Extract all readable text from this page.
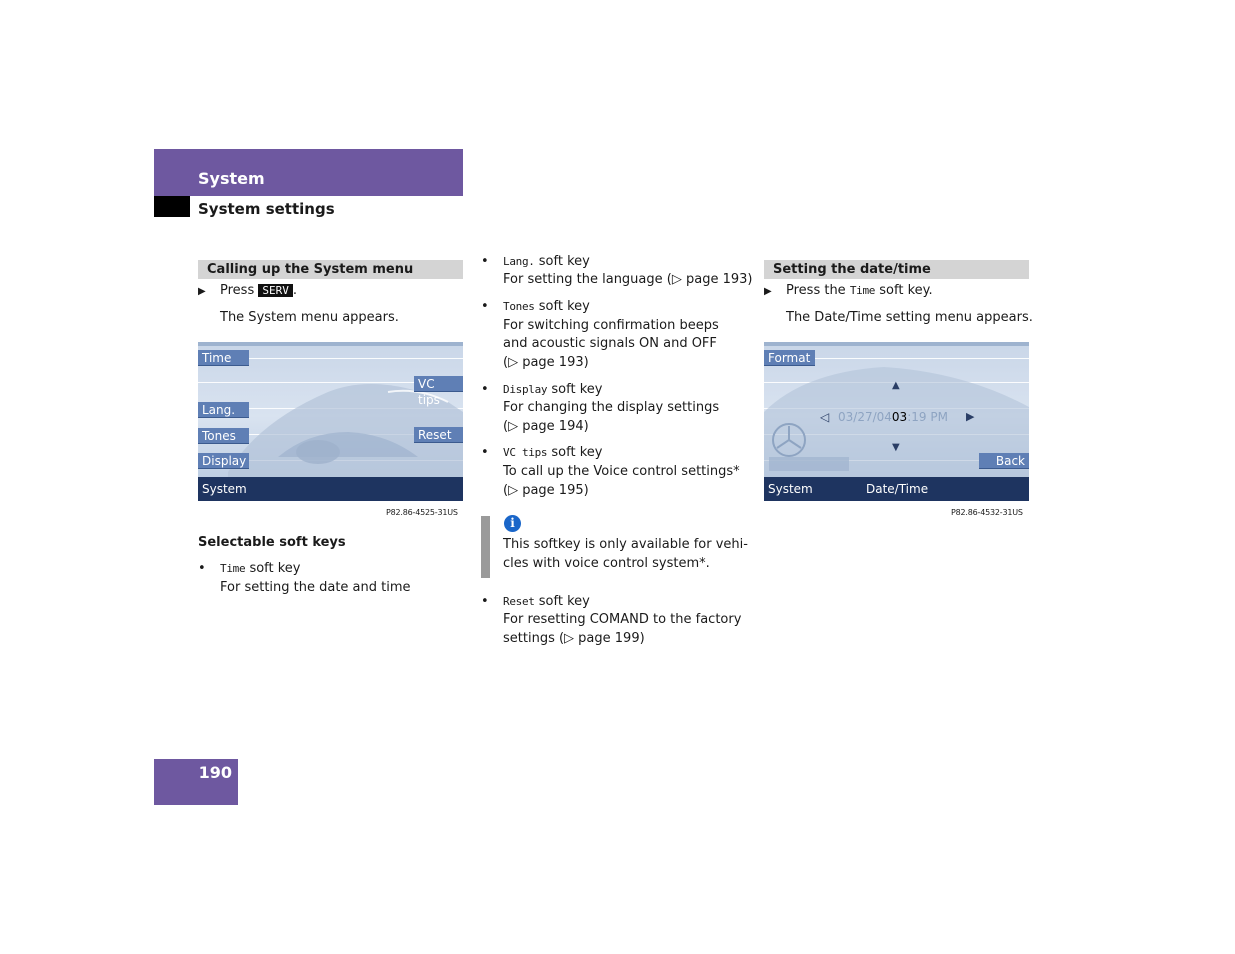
System
System settings
Calling up the System menu
▶ Press SERV .
The System menu appears.
Time
Lang.
Tones
Display
VC tips
Reset
System
P82.86-4525-31US
Selectable soft keys
• Time soft key
For setting the date and time
• Lang. soft key
For setting the language (▷ page 193)
• Tones soft key
For switching confirmation beeps
and acoustic signals ON and OFF
(▷ page 193)
• Display soft key
For changing the display settings
(▷ page 194)
• VC tips soft key
To call up the Voice control settings*
(▷ page 195)
i
This softkey is only available for vehi-
cles with voice control system*.
• Reset soft key
For resetting COMAND to the factory
settings (▷ page 199)
Setting the date/time
▶ Press the Time soft key.
The Date/Time setting menu appears.
Format
▲
▼
◁	▶
03/27/0403:19 PM
Back
System	Date/Time
P82.86-4532-31US
190
